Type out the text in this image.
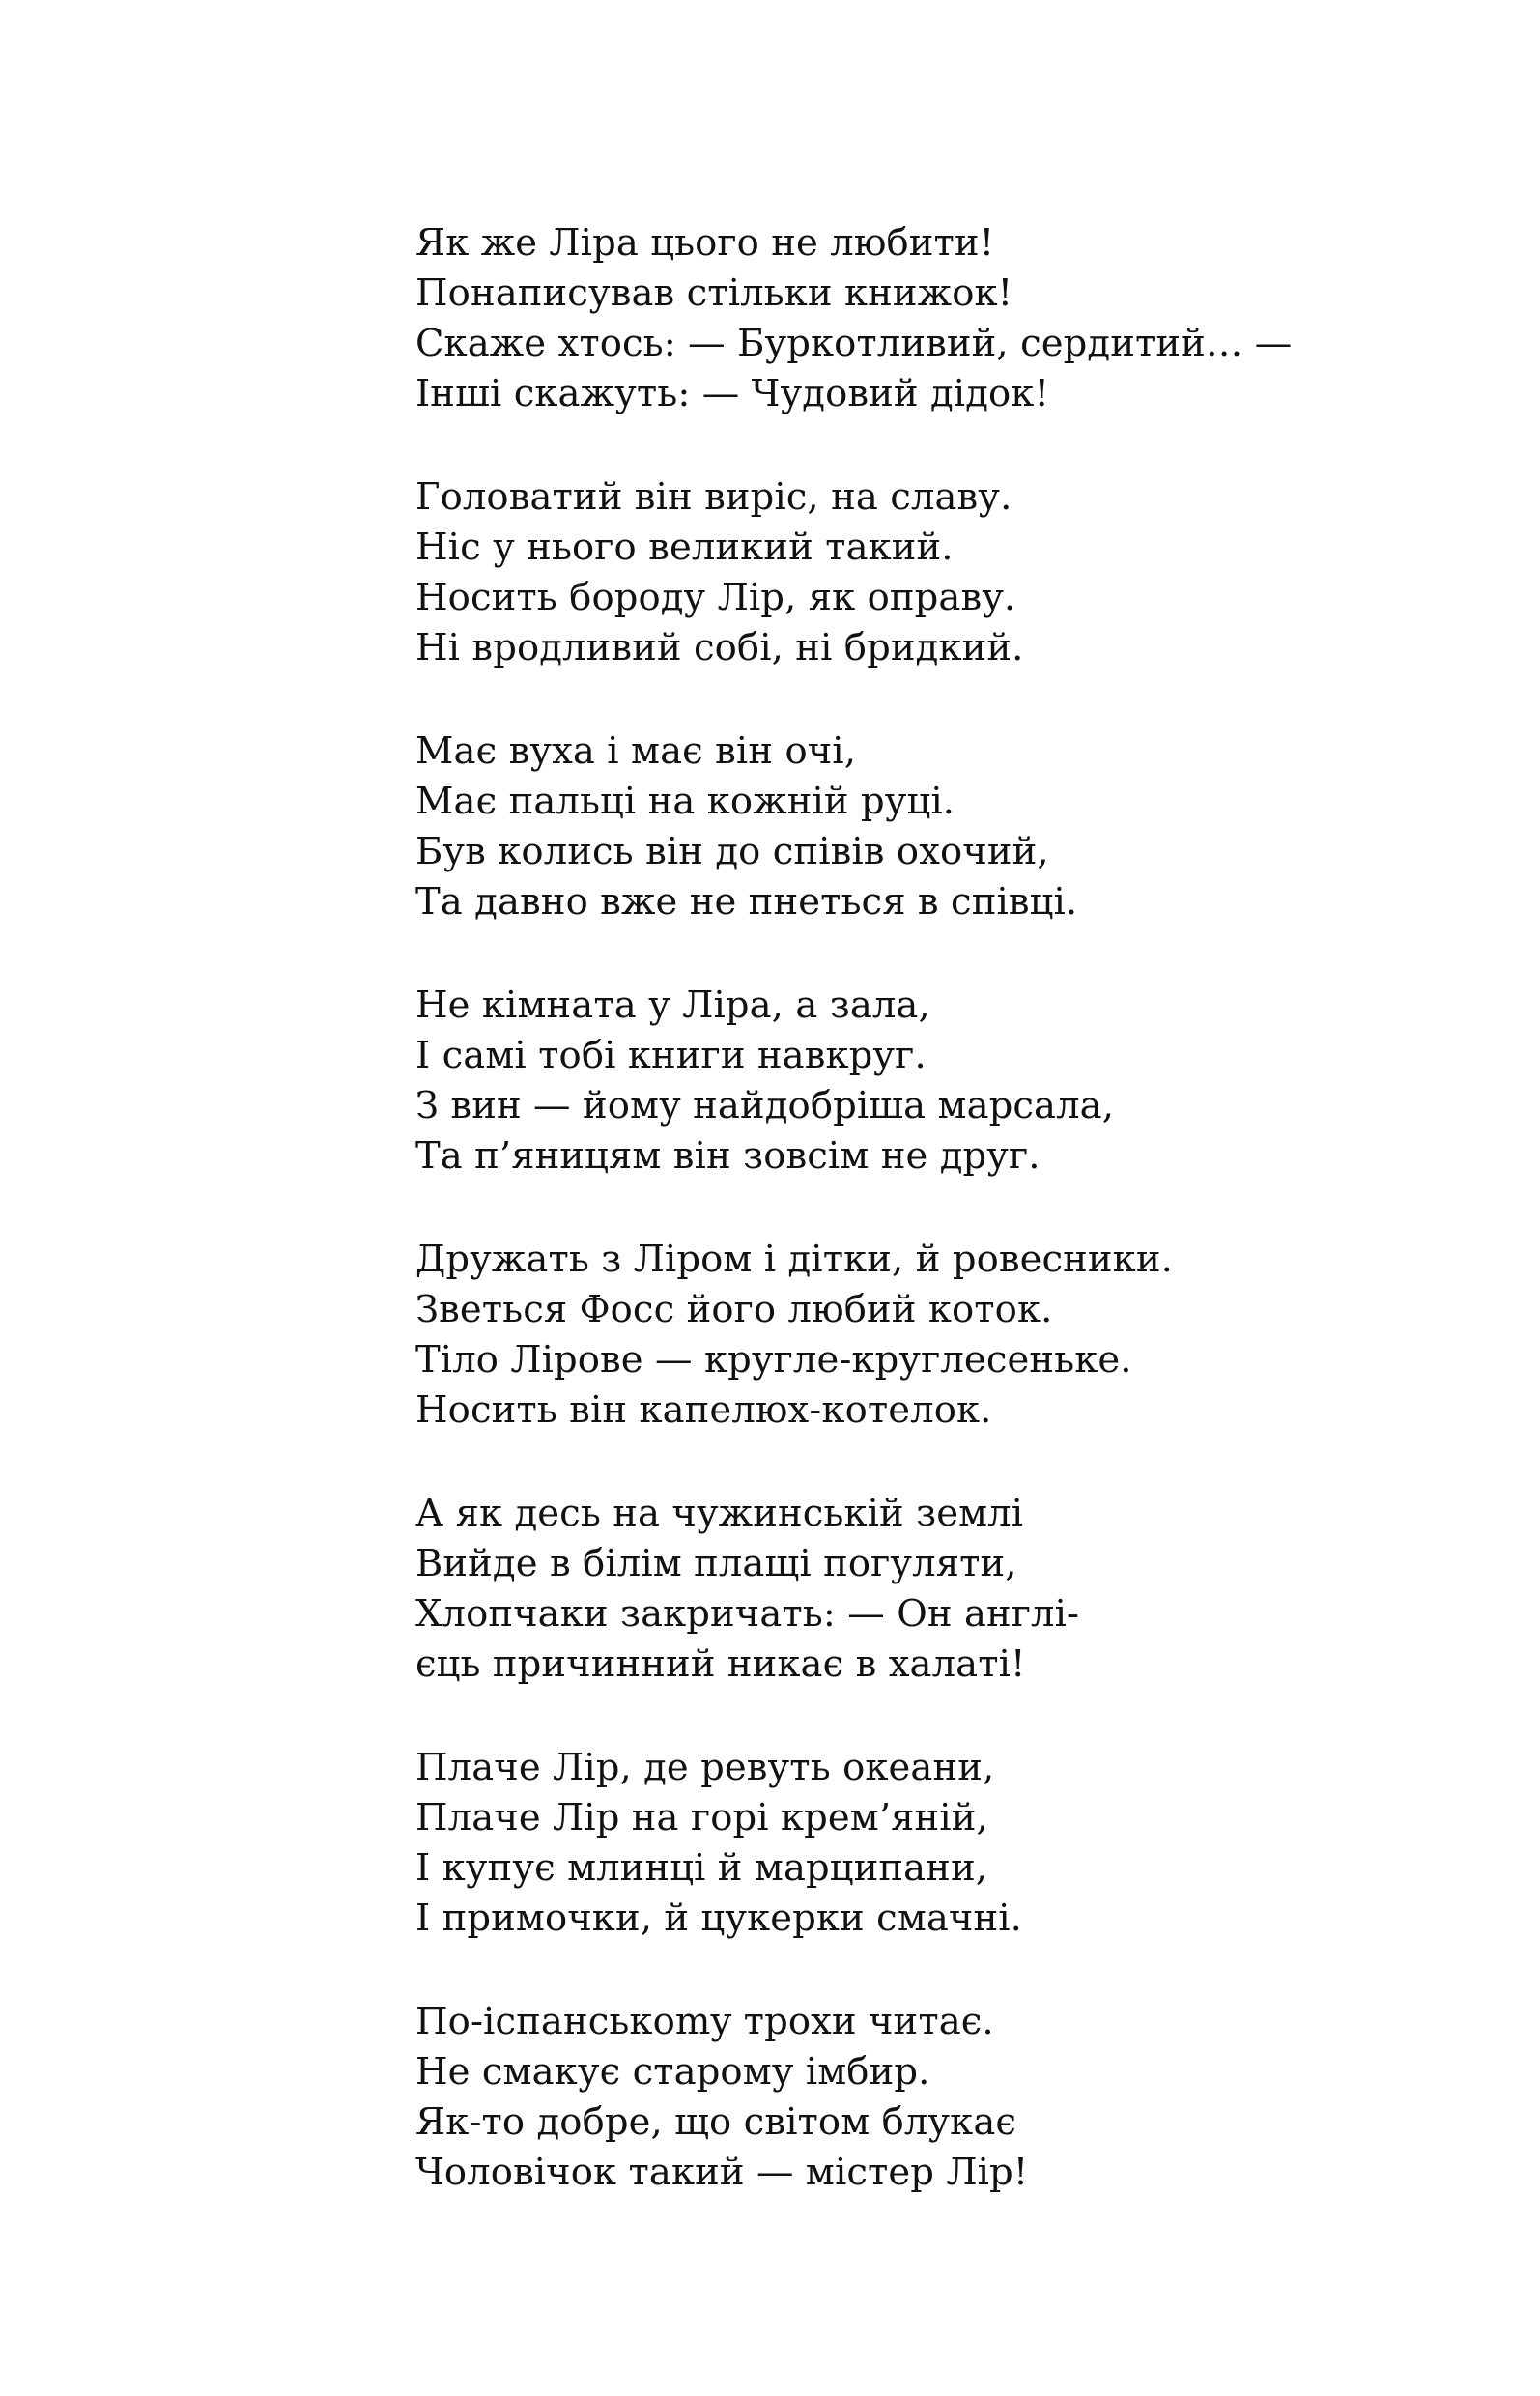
Як же Ліра цього не любити!
Понаписував стільки книжок!
Скаже хтось: — Буркотливий, сердитий… —
Інші скажуть: — Чудовий дідок!
Головатий він виріс, на славу.
Ніс у нього великий такий.
Носить бороду Лір, як оправу.
Ні вродливий собі, ні бридкий.
Має вуха і має він очі,
Має пальці на кожній руці.
Був колись він до співів охочий,
Та давно вже не пнеться в співці.
Не кімната у Ліра, а зала,
І самі тобі книги навкруг.
З вин — йому найдобріша марсала,
Та п’яницям він зовсім не друг.
Дружать з Ліром і дітки, й ровесники.
Зветься Фосс його любий коток.
Тіло Лірове — кругле-круглесеньке.
Носить він капелюх-котелок.
А як десь на чужинській землі
Вийде в білім плащі погуляти,
Хлопчаки закричать: — Он англі-
єць причинний никає в халаті!
Плаче Лір, де ревуть океани,
Плаче Лір на горі крем’яній,
І купує млинці й марципани,
І примочки, й цукерки смачні.
По-іспанськоmy трохи читає.
Не смакує старому імбир.
Як-то добре, що світом блукає
Чоловічок такий — містер Лір!
